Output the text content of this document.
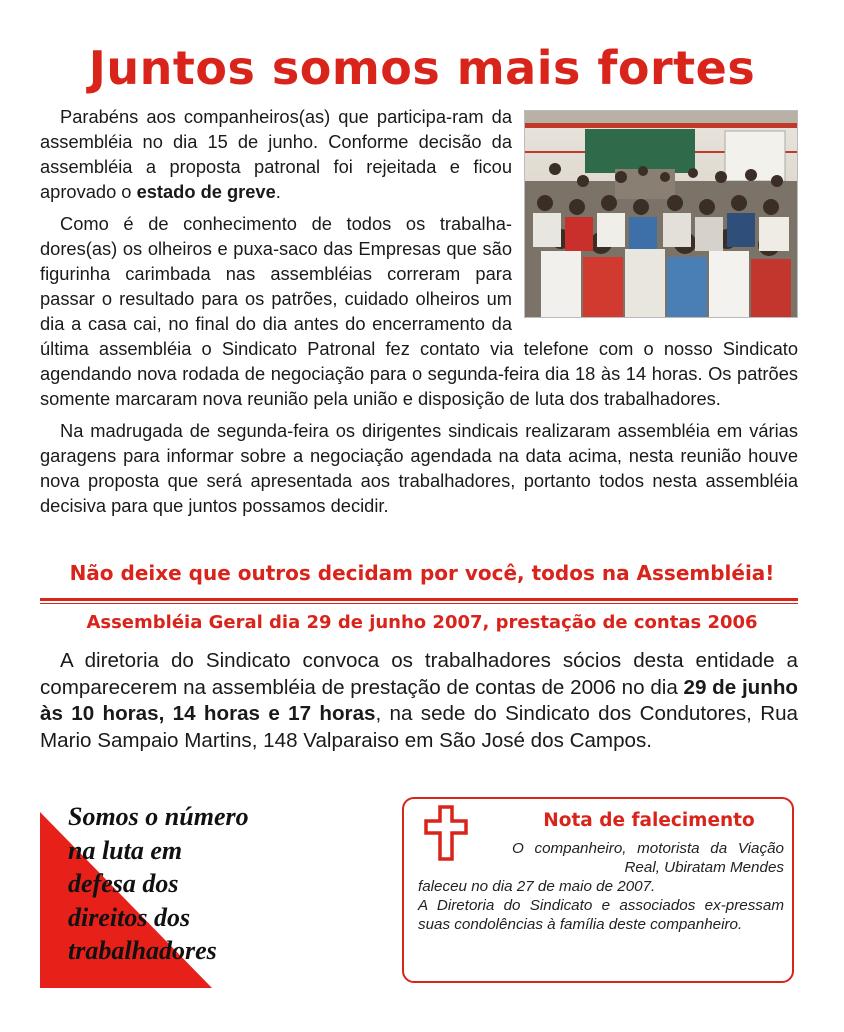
Juntos somos mais fortes

Parabéns aos companheiros(as) que participa-ram da assembléia no dia 15 de junho. Conforme decisão da assembléia a proposta patronal foi rejeitada e ficou aprovado o estado de greve.

Como é de conhecimento de todos os trabalha-dores(as) os olheiros e puxa-saco das Empresas que são figurinha carimbada nas assembléias correram para passar o resultado para os patrões, cuidado olheiros um dia a casa cai, no final do dia antes do encerramento da última assembléia o Sindicato Patronal fez contato via telefone com o nosso Sindicato agendando nova rodada de negociação para o segunda-feira dia 18 às 14 horas. Os patrões somente marcaram nova reunião pela união e disposição de luta dos trabalhadores.

Na madrugada de segunda-feira os dirigentes sindicais realizaram assembléia em várias garagens para informar sobre a negociação agendada na data acima, nesta reunião houve nova proposta que será apresentada aos trabalhadores, portanto todos nesta assembléia decisiva para que juntos possamos decidir.

Não deixe que outros decidam por você, todos na Assembléia!
Assembléia Geral dia 29 de junho 2007, prestação de contas 2006

A diretoria do Sindicato convoca os trabalhadores sócios desta entidade a comparecerem na assembléia de prestação de contas de 2006 no dia 29 de junho às 10 horas, 14 horas e 17 horas, na sede do Sindicato dos Condutores, Rua Mario Sampaio Martins, 148 Valparaiso em São José dos Campos.

Somos o número
na luta em
defesa dos
direitos dos
trabalhadores
Nota de falecimento

O companheiro, motorista da Viação Real, Ubiratam Mendes

faleceu no dia 27 de maio de 2007.

A Diretoria do Sindicato e associados ex-pressam suas condolências à família deste companheiro.
